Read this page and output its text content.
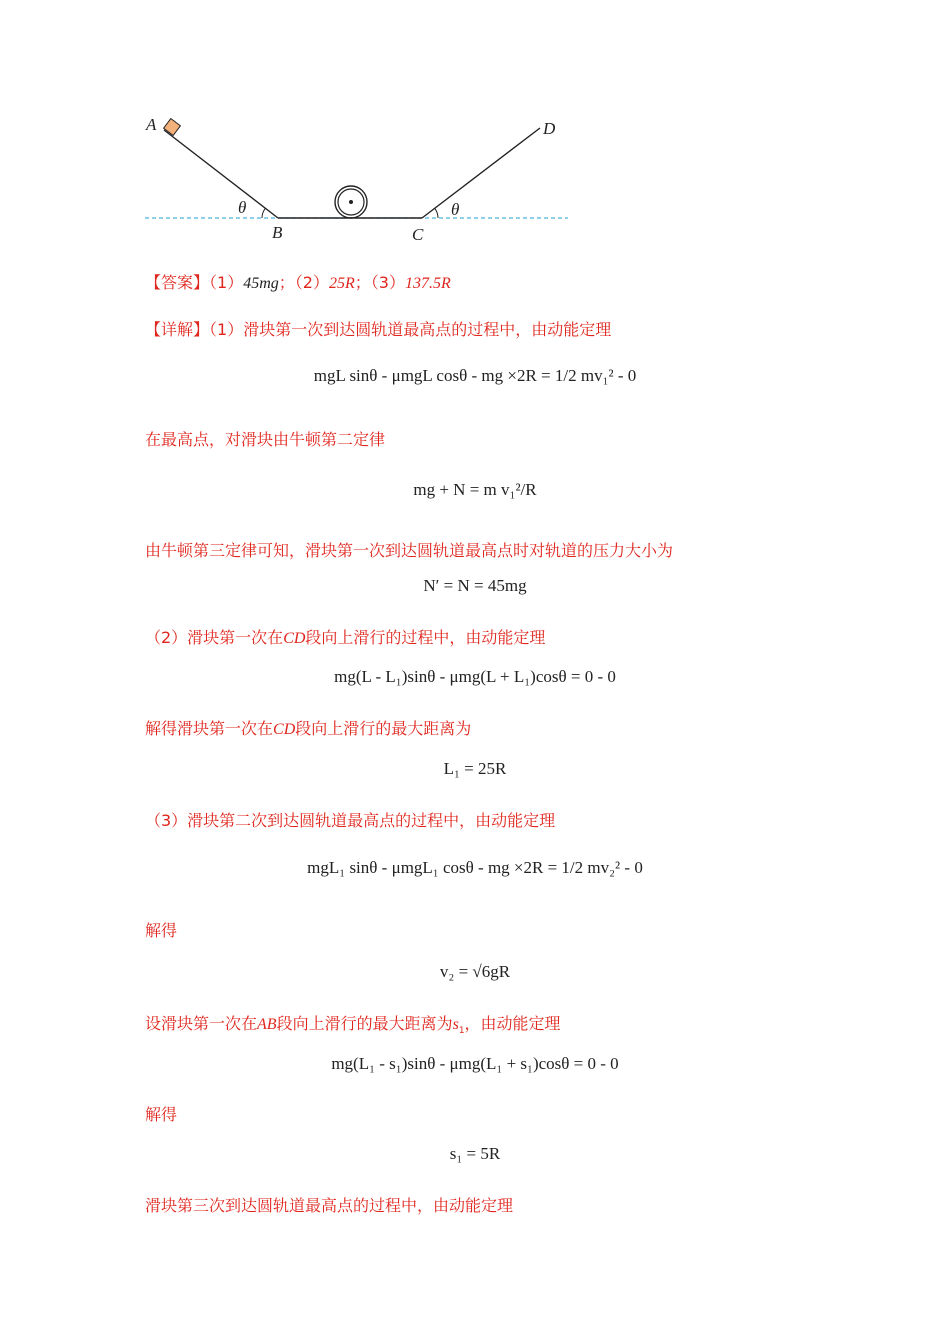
A	D
B	C
θ	θ
【答案】（1）45mg；（2）25R；（3）137.5R
【详解】（1）滑块第一次到达圆轨道最高点的过程中，由动能定理
mgL sinθ - μmgL cosθ - mg ×2R = 1/2 mv₁² - 0
在最高点，对滑块由牛顿第二定律
mg + N = m v₁²/R
由牛顿第三定律可知，滑块第一次到达圆轨道最高点时对轨道的压力大小为
N′ = N = 45mg
（2）滑块第一次在CD段向上滑行的过程中，由动能定理
mg(L - L₁)sinθ - μmg(L + L₁)cosθ = 0 - 0
解得滑块第一次在CD段向上滑行的最大距离为
L₁ = 25R
（3）滑块第二次到达圆轨道最高点的过程中，由动能定理
mgL₁ sinθ - μmgL₁ cosθ - mg ×2R = 1/2 mv₂² - 0
解得
v₂ = √6gR
设滑块第一次在AB段向上滑行的最大距离为$s_1$，由动能定理
mg(L₁ - s₁)sinθ - μmg(L₁ + s₁)cosθ = 0 - 0
解得
s₁ = 5R
滑块第三次到达圆轨道最高点的过程中，由动能定理
